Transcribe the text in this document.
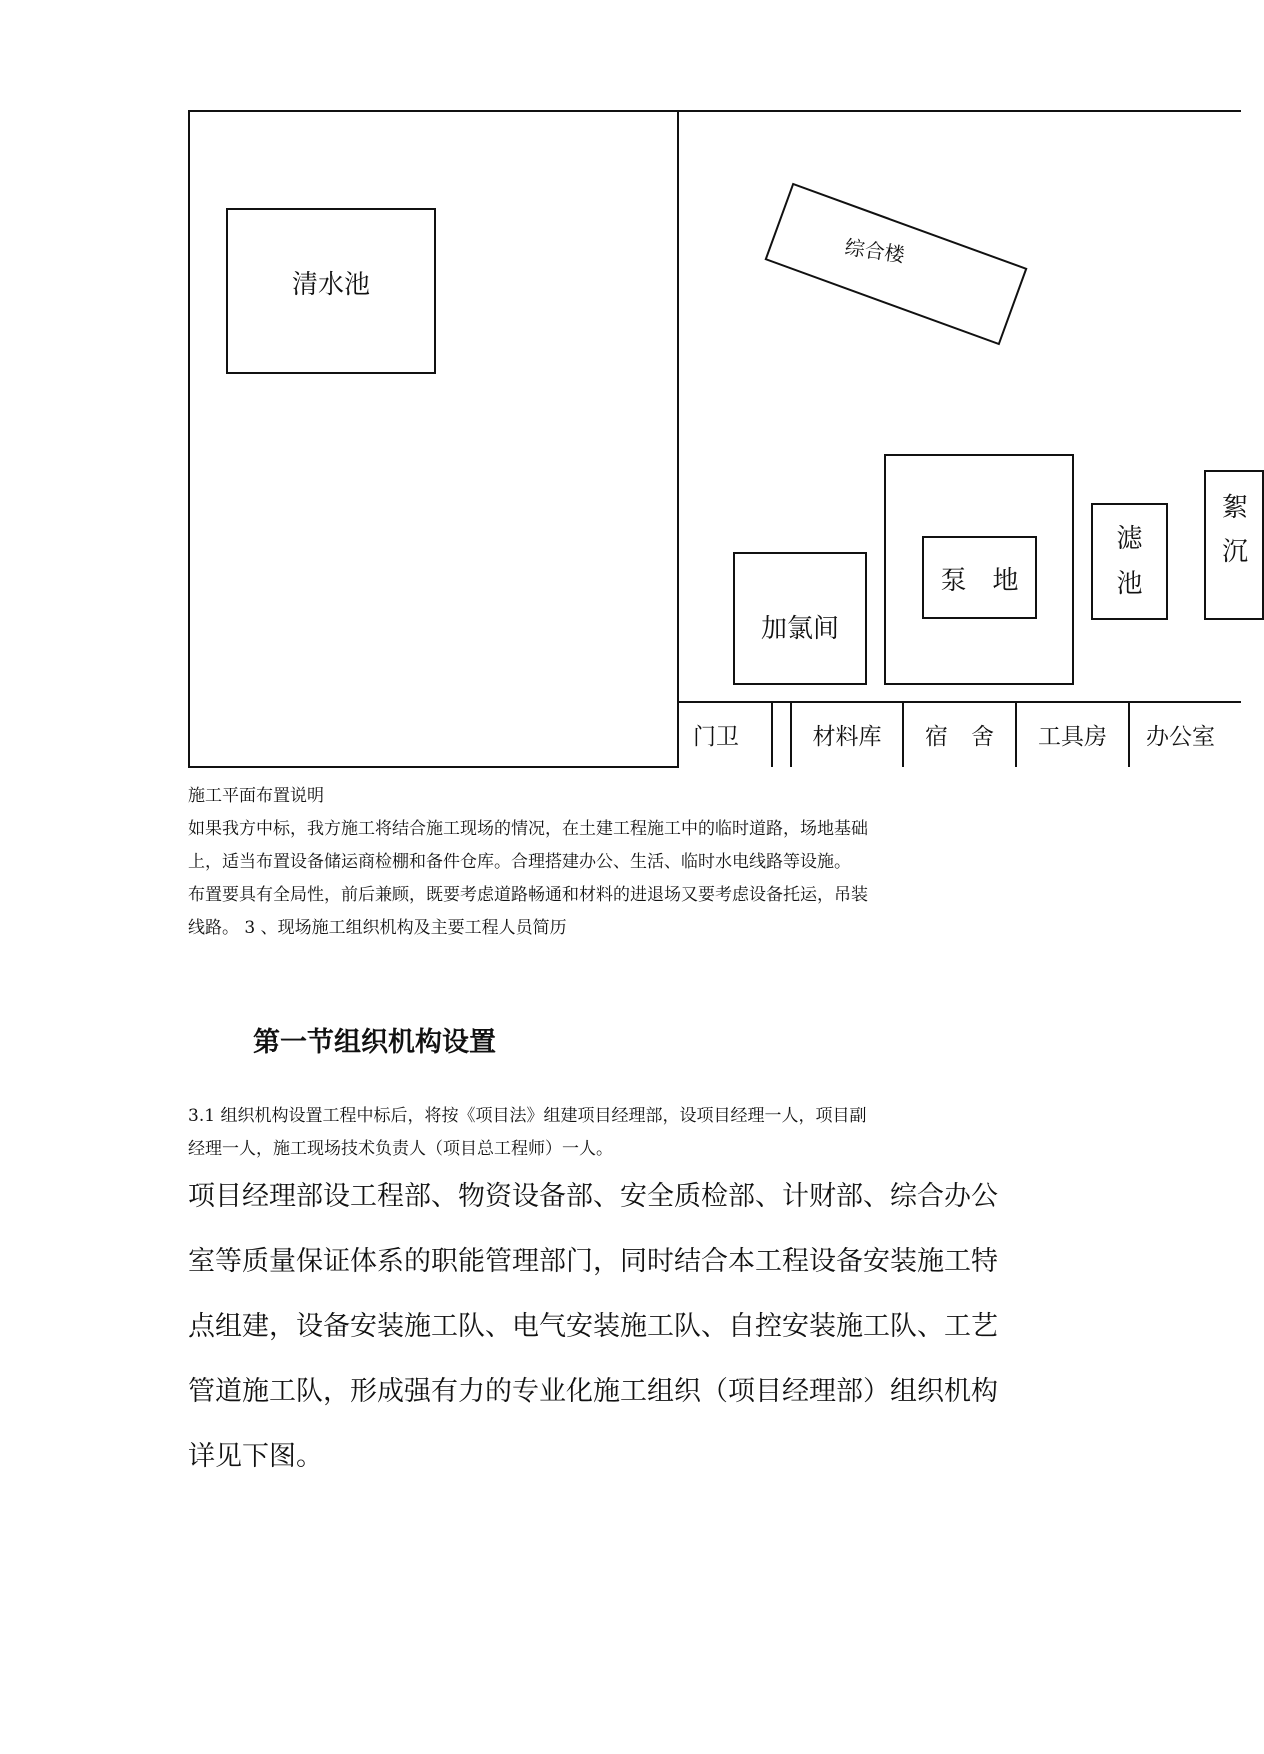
清水池
综合楼
加氯间
泵　地
滤
池
絮
沉
门卫	材料库	宿　舍	工具房	办公室
施工平面布置说明
如果我方中标，我方施工将结合施工现场的情况，在土建工程施工中的临时道路，场地基础
上，适当布置设备储运商检棚和备件仓库。合理搭建办公、生活、临时水电线路等设施。
布置要具有全局性，前后兼顾，既要考虑道路畅通和材料的进退场又要考虑设备托运，吊装
线路。 3 、现场施工组织机构及主要工程人员简历
第一节组织机构设置
3.1 组织机构设置工程中标后，将按《项目法》组建项目经理部，设项目经理一人，项目副
经理一人，施工现场技术负责人（项目总工程师）一人。
项目经理部设工程部、物资设备部、安全质检部、计财部、综合办公
室等质量保证体系的职能管理部门，同时结合本工程设备安装施工特
点组建，设备安装施工队、电气安装施工队、自控安装施工队、工艺
管道施工队，形成强有力的专业化施工组织（项目经理部）组织机构
详见下图。
